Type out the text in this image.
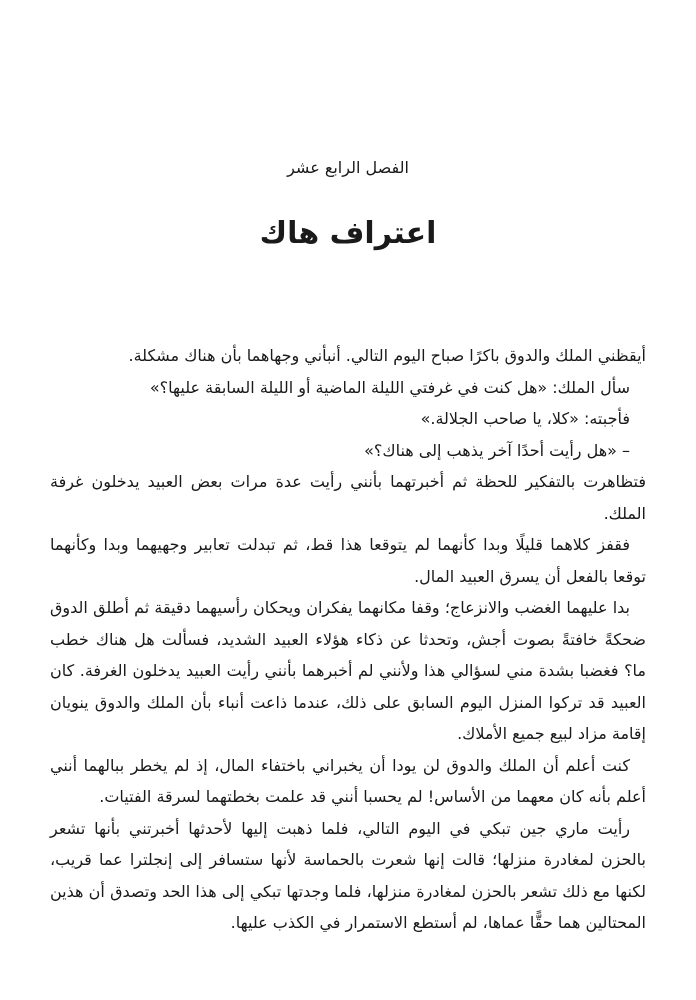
الفصل الرابع عشر
اعتراف هاك

أيقظني الملك والدوق باكرًا صباح اليوم التالي. أنبأني وجهاهما بأن هناك مشكلة.

سأل الملك: «هل كنت في غرفتي الليلة الماضية أو الليلة السابقة عليها؟»

فأجبته: «كلا، يا صاحب الجلالة.»

– «هل رأيت أحدًا آخر يذهب إلى هناك؟»

فتظاهرت بالتفكير للحظة ثم أخبرتهما بأنني رأيت عدة مرات بعض العبيد يدخلون غرفة الملك.

فقفز كلاهما قليلًا وبدا كأنهما لم يتوقعا هذا قط، ثم تبدلت تعابير وجهيهما وبدا وكأنهما توقعا بالفعل أن يسرق العبيد المال.

بدا عليهما الغضب والانزعاج؛ وقفا مكانهما يفكران ويحكان رأسيهما دقيقة ثم أطلق الدوق ضحكةً خافتةً بصوت أجش، وتحدثا عن ذكاء هؤلاء العبيد الشديد، فسألت هل هناك خطب ما؟ فغضبا بشدة مني لسؤالي هذا ولأنني لم أخبرهما بأنني رأيت العبيد يدخلون الغرفة. كان العبيد قد تركوا المنزل اليوم السابق على ذلك، عندما ذاعت أنباء بأن الملك والدوق ينويان إقامة مزاد لبيع جميع الأملاك.

كنت أعلم أن الملك والدوق لن يودا أن يخبراني باختفاء المال، إذ لم يخطر ببالهما أنني أعلم بأنه كان معهما من الأساس! لم يحسبا أنني قد علمت بخطتهما لسرقة الفتيات.

رأيت ماري جين تبكي في اليوم التالي، فلما ذهبت إليها لأحدثها أخبرتني بأنها تشعر بالحزن لمغادرة منزلها؛ قالت إنها شعرت بالحماسة لأنها ستسافر إلى إنجلترا عما قريب، لكنها مع ذلك تشعر بالحزن لمغادرة منزلها، فلما وجدتها تبكي إلى هذا الحد وتصدق أن هذين المحتالين هما حقًّا عماها، لم أستطع الاستمرار في الكذب عليها.
